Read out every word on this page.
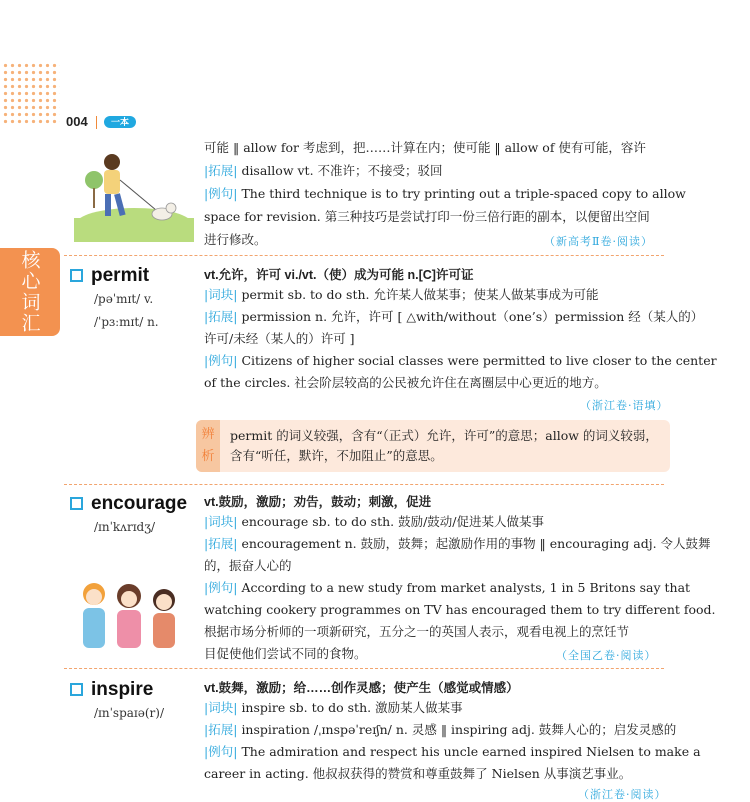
004	一本
核心词汇
可能 ‖ allow for 考虑到，把……计算在内；使可能 ‖ allow of 使有可能，容许
|拓展| disallow vt. 不准许；不接受；驳回
|例句| The third technique is to try printing out a triple-spaced copy to allow
space for revision. 第三种技巧是尝试打印一份三倍行距的副本，以便留出空间
进行修改。	（新高考Ⅱ卷·阅读）
permit
/pəˈmɪt/ v.
/ˈpɜːmɪt/ n.
vt.允许，许可 vi./vt.（使）成为可能 n.[C]许可证
|词块| permit sb. to do sth. 允许某人做某事；使某人做某事成为可能
|拓展| permission n. 允许，许可 [ △with/without（one’s）permission 经（某人的）
许可/未经（某人的）许可 ]
|例句| Citizens of higher social classes were permitted to live closer to the center
of the circles. 社会阶层较高的公民被允许住在离圈层中心更近的地方。
（浙江卷·语填）
辨
析
permit 的词义较强，含有“（正式）允许，许可”的意思；allow 的词义较弱，
含有“听任，默许，不加阻止”的意思。
encourage
/ɪnˈkʌrɪdʒ/
vt.鼓励，激励；劝告，鼓动；刺激，促进
|词块| encourage sb. to do sth. 鼓励/鼓动/促进某人做某事
|拓展| encouragement n. 鼓励，鼓舞；起激励作用的事物 ‖ encouraging adj. 令人鼓舞
的，振奋人心的
|例句| According to a new study from market analysts, 1 in 5 Britons say that
watching cookery programmes on TV has encouraged them to try different food.
根据市场分析师的一项新研究，五分之一的英国人表示，观看电视上的烹饪节
目促使他们尝试不同的食物。	（全国乙卷·阅读）
inspire
/ɪnˈspaɪə(r)/
vt.鼓舞，激励；给……创作灵感；使产生（感觉或情感）
|词块| inspire sb. to do sth. 激励某人做某事
|拓展| inspiration /ˌɪnspəˈreɪʃn/ n. 灵感 ‖ inspiring adj. 鼓舞人心的；启发灵感的
|例句| The admiration and respect his uncle earned inspired Nielsen to make a
career in acting. 他叔叔获得的赞赏和尊重鼓舞了 Nielsen 从事演艺事业。
（浙江卷·阅读）
